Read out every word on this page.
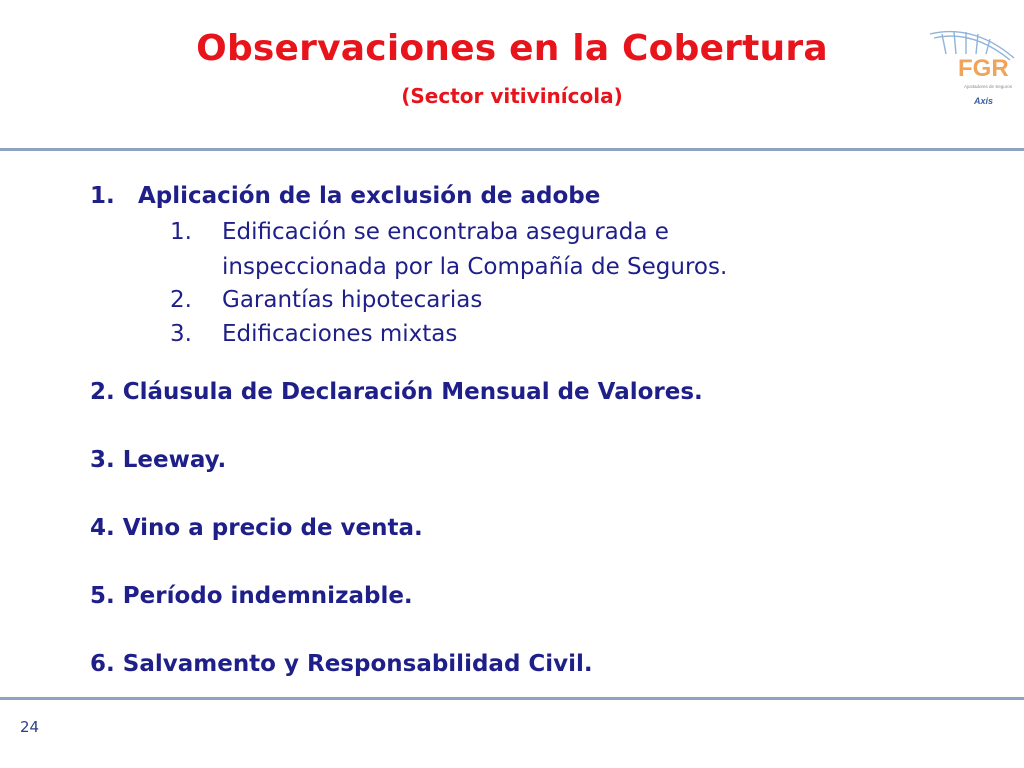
Observaciones en la Cobertura
(Sector vitivinícola)
FGR
Ajustadores de Seguros
Axis
1. Aplicación de la exclusión de adobe
1. Edificación se encontraba asegurada e
inspeccionada por la Compañía de Seguros.
2. Garantías hipotecarias
3. Edificaciones mixtas
2. Cláusula de Declaración Mensual de Valores.
3. Leeway.
4. Vino a precio de venta.
5. Período indemnizable.
6. Salvamento y Responsabilidad Civil.
24
